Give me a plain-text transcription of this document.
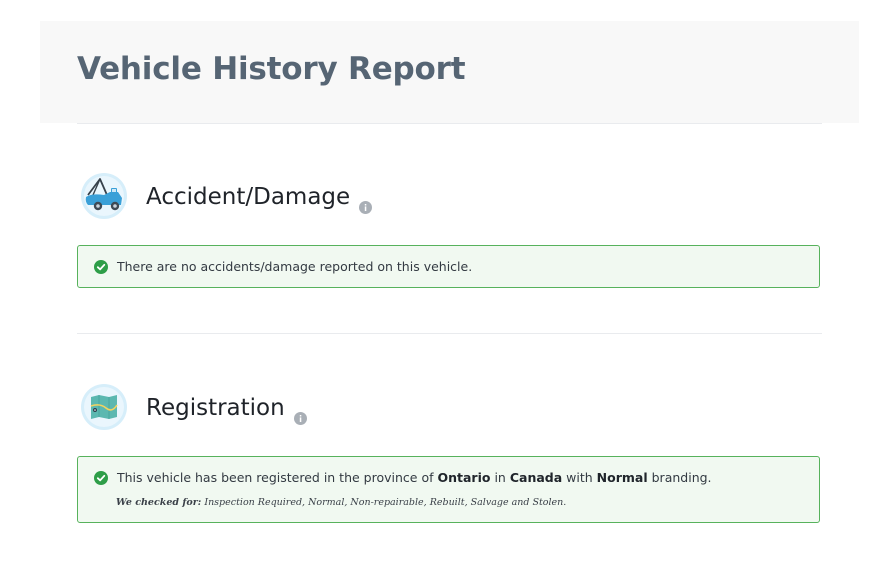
Vehicle History Report
Accident/Damage
There are no accidents/damage reported on this vehicle.
Registration
This vehicle has been registered in the province of Ontario in Canada with Normal branding.
We checked for: Inspection Required, Normal, Non-repairable, Rebuilt, Salvage and Stolen.
